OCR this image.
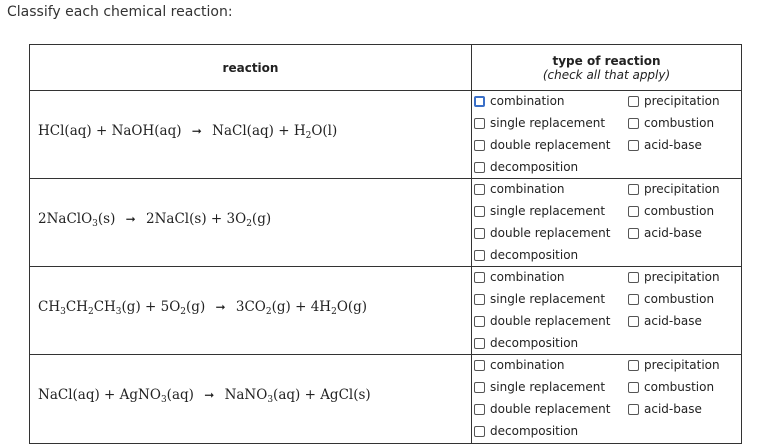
Classify each chemical reaction:
reaction	type of reaction
(check all that apply)
HCl(aq) + NaOH(aq) ➞ NaCl(aq) + $H_2O(l)$
2NaClO$_3$(s) ➞ 2NaCl(s) + $3O_2(g)$
$CH_3CH_2CH_3(g) + 5O_2(g)$ ➞ $3CO_2(g) + 4H_2O(g)$
NaCl(aq) + AgNO$_3$(aq) ➞ NaNO$_3$(aq) + AgCl(s)
combination
single replacement
double replacement
decomposition
precipitation
combustion
acid-base
combination
single replacement
double replacement
decomposition
precipitation
combustion
acid-base
combination
single replacement
double replacement
decomposition
precipitation
combustion
acid-base
combination
single replacement
double replacement
decomposition
precipitation
combustion
acid-base
